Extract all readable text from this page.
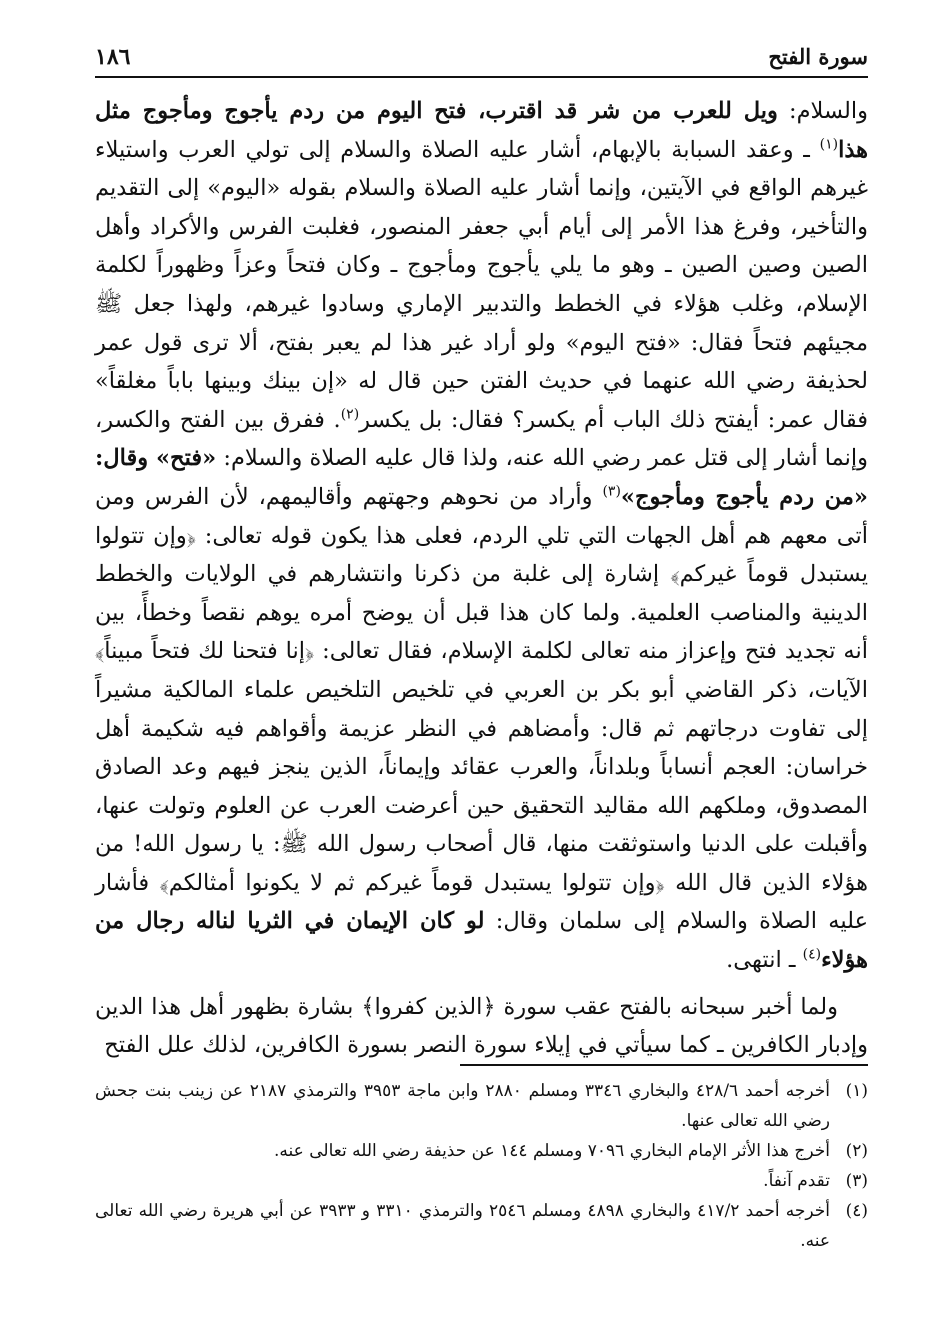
١٨٦	سورة الفتح

والسلام: ويل للعرب من شر قد اقترب، فتح اليوم من ردم يأجوج ومأجوج مثل هذا$^{(١)}$ ـ وعقد السبابة بالإبهام، أشار عليه الصلاة والسلام إلى تولي العرب واستيلاء غيرهم الواقع في الآيتين، وإنما أشار عليه الصلاة والسلام بقوله «اليوم» إلى التقديم والتأخير، وفرغ هذا الأمر إلى أيام أبي جعفر المنصور، فغلبت الفرس والأكراد وأهل الصين وصين الصين ـ وهو ما يلي يأجوج ومأجوج ـ وكان فتحاً وعزاً وظهوراً لكلمة الإسلام، وغلب هؤلاء في الخطط والتدبير الإماري وسادوا غيرهم، ولهذا جعل ﷺ مجيئهم فتحاً فقال: «فتح اليوم» ولو أراد غير هذا لم يعبر بفتح، ألا ترى قول عمر لحذيفة رضي الله عنهما في حديث الفتن حين قال له «إن بينك وبينها باباً مغلقاً» فقال عمر: أيفتح ذلك الباب أم يكسر؟ فقال: بل يكسر$^{(٢)}$. ففرق بين الفتح والكسر، وإنما أشار إلى قتل عمر رضي الله عنه، ولذا قال عليه الصلاة والسلام: «فتح» وقال: «من ردم يأجوج ومأجوج»$^{(٣)}$ وأراد من نحوهم وجهتهم وأقاليمهم، لأن الفرس ومن أتى معهم هم أهل الجهات التي تلي الردم، فعلى هذا يكون قوله تعالى: ﴿وإن تتولوا يستبدل قوماً غيركم﴾ إشارة إلى غلبة من ذكرنا وانتشارهم في الولايات والخطط الدينية والمناصب العلمية. ولما كان هذا قبل أن يوضح أمره يوهم نقصاً وخطأً، بين أنه تجديد فتح وإعزاز منه تعالى لكلمة الإسلام، فقال تعالى: ﴿إنا فتحنا لك فتحاً مبيناً﴾ الآيات، ذكر القاضي أبو بكر بن العربي في تلخيص التلخيص علماء المالكية مشيراً إلى تفاوت درجاتهم ثم قال: وأمضاهم في النظر عزيمة وأقواهم فيه شكيمة أهل خراسان: العجم أنساباً وبلداناً، والعرب عقائد وإيماناً، الذين ينجز فيهم وعد الصادق المصدوق، وملكهم الله مقاليد التحقيق حين أعرضت العرب عن العلوم وتولت عنها، وأقبلت على الدنيا واستوثقت منها، قال أصحاب رسول الله ﷺ: يا رسول الله! من هؤلاء الذين قال الله ﴿وإن تتولوا يستبدل قوماً غيركم ثم لا يكونوا أمثالكم﴾ فأشار عليه الصلاة والسلام إلى سلمان وقال: لو كان الإيمان في الثريا لناله رجال من هؤلاء$^{(٤)}$ ـ انتهى.

ولما أخبر سبحانه بالفتح عقب سورة ﴿الذين كفروا﴾ بشارة بظهور أهل هذا الدين وإدبار الكافرين ـ كما سيأتي في إيلاء سورة النصر بسورة الكافرين، لذلك علل الفتح

(١)
أخرجه أحمد ٤٢٨/٦ والبخاري ٣٣٤٦ ومسلم ٢٨٨٠ وابن ماجة ٣٩٥٣ والترمذي ٢١٨٧ عن زينب بنت جحش رضي الله تعالى عنها.
(٢)
أخرج هذا الأثر الإمام البخاري ٧٠٩٦ ومسلم ١٤٤ عن حذيفة رضي الله تعالى عنه.
(٣)
تقدم آنفاً.
(٤)
أخرجه أحمد ٤١٧/٢ والبخاري ٤٨٩٨ ومسلم ٢٥٤٦ والترمذي ٣٣١٠ و ٣٩٣٣ عن أبي هريرة رضي الله تعالى عنه.
